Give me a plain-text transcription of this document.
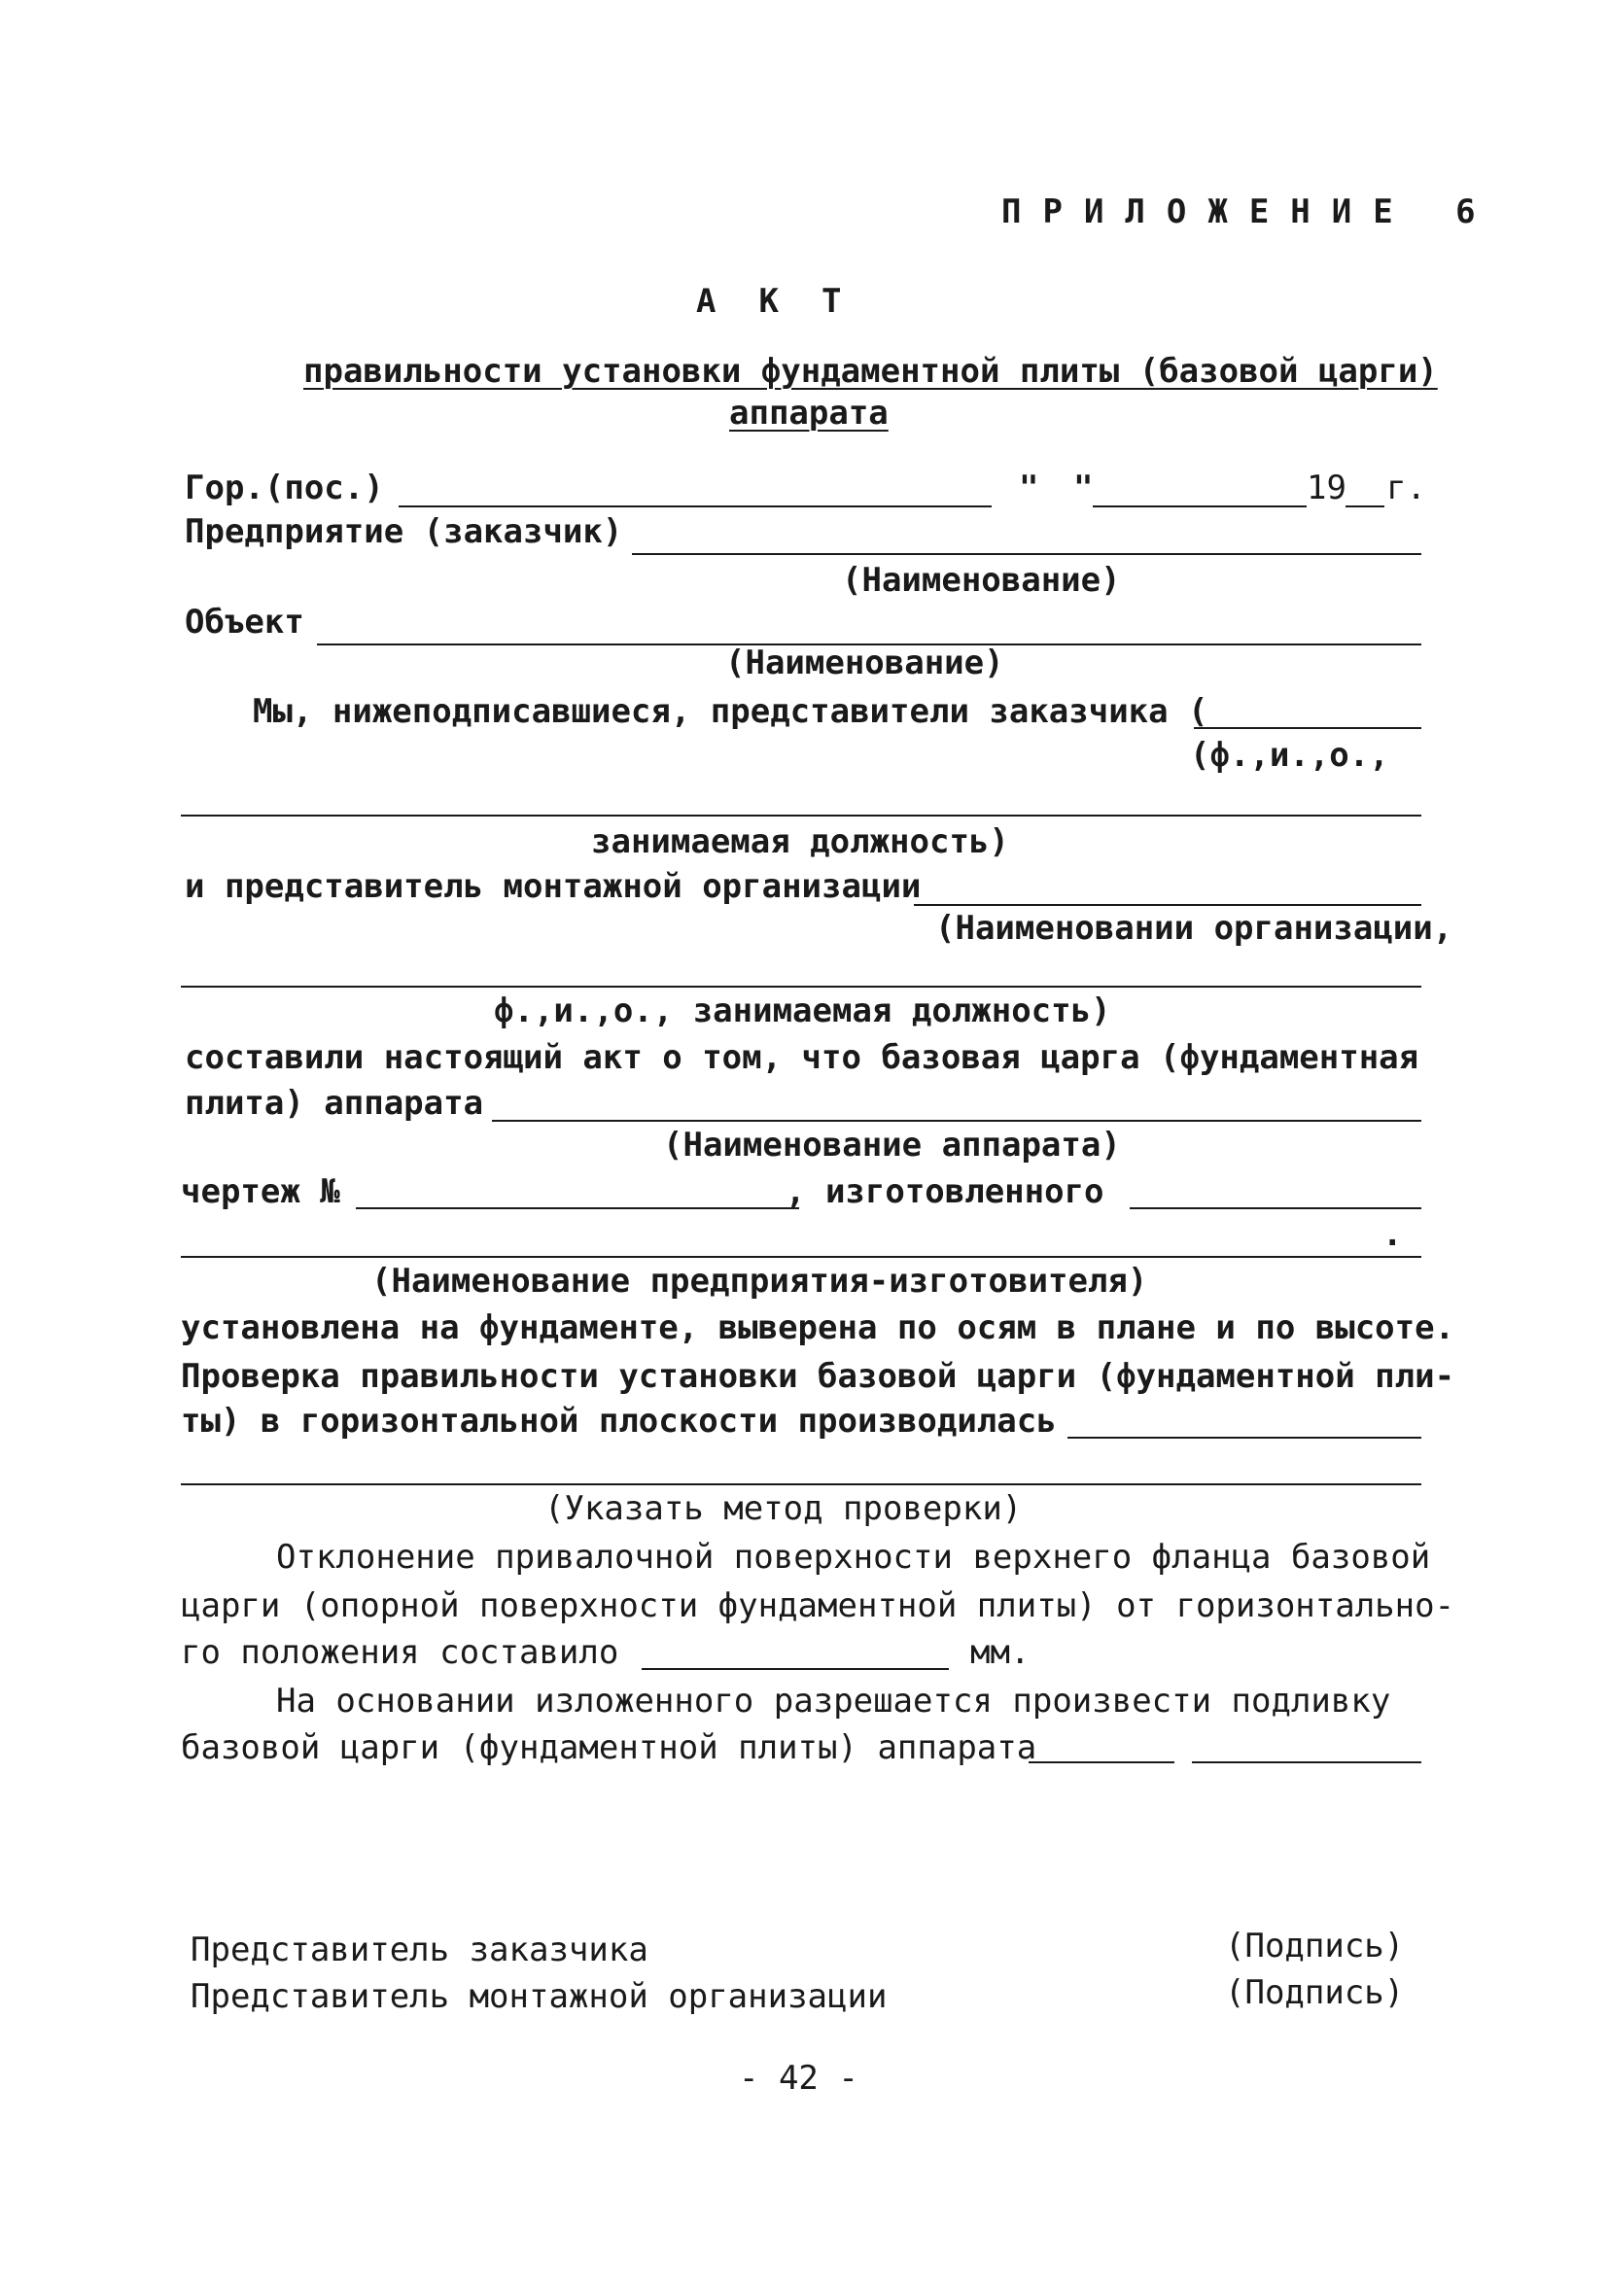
ПРИЛОЖЕНИЕ 6
АКТ
правильности установки фундаментной плиты (базовой царги)
аппарата
Гор.(пос.)	" "	19 г.
Предприятие (заказчик)
(Наименование)
Объект
(Наименование)
Мы, нижеподписавшиеся, представители заказчика (
(ф.,и.,о.,
занимаемая должность)
и представитель монтажной организации
(Наименовании организации,
ф.,и.,о., занимаемая должность)
составили настоящий акт о том, что базовая царга (фундаментная
плита) аппарата
(Наименование аппарата)
чертеж №	, изготовленного
.
(Наименование предприятия-изготовителя)
установлена на фундаменте, выверена по осям в плане и по высоте.
Проверка правильности установки базовой царги (фундаментной пли-
ты) в горизонтальной плоскости производилась
(Указать метод проверки)
Отклонение привалочной поверхности верхнего фланца базовой
царги (опорной поверхности фундаментной плиты) от горизонтально-
го положения составило	мм.
На основании изложенного разрешается произвести подливку
базовой царги (фундаментной плиты) аппарата
Представитель заказчика	(Подпись)
Представитель монтажной организации	(Подпись)
- 42 -
